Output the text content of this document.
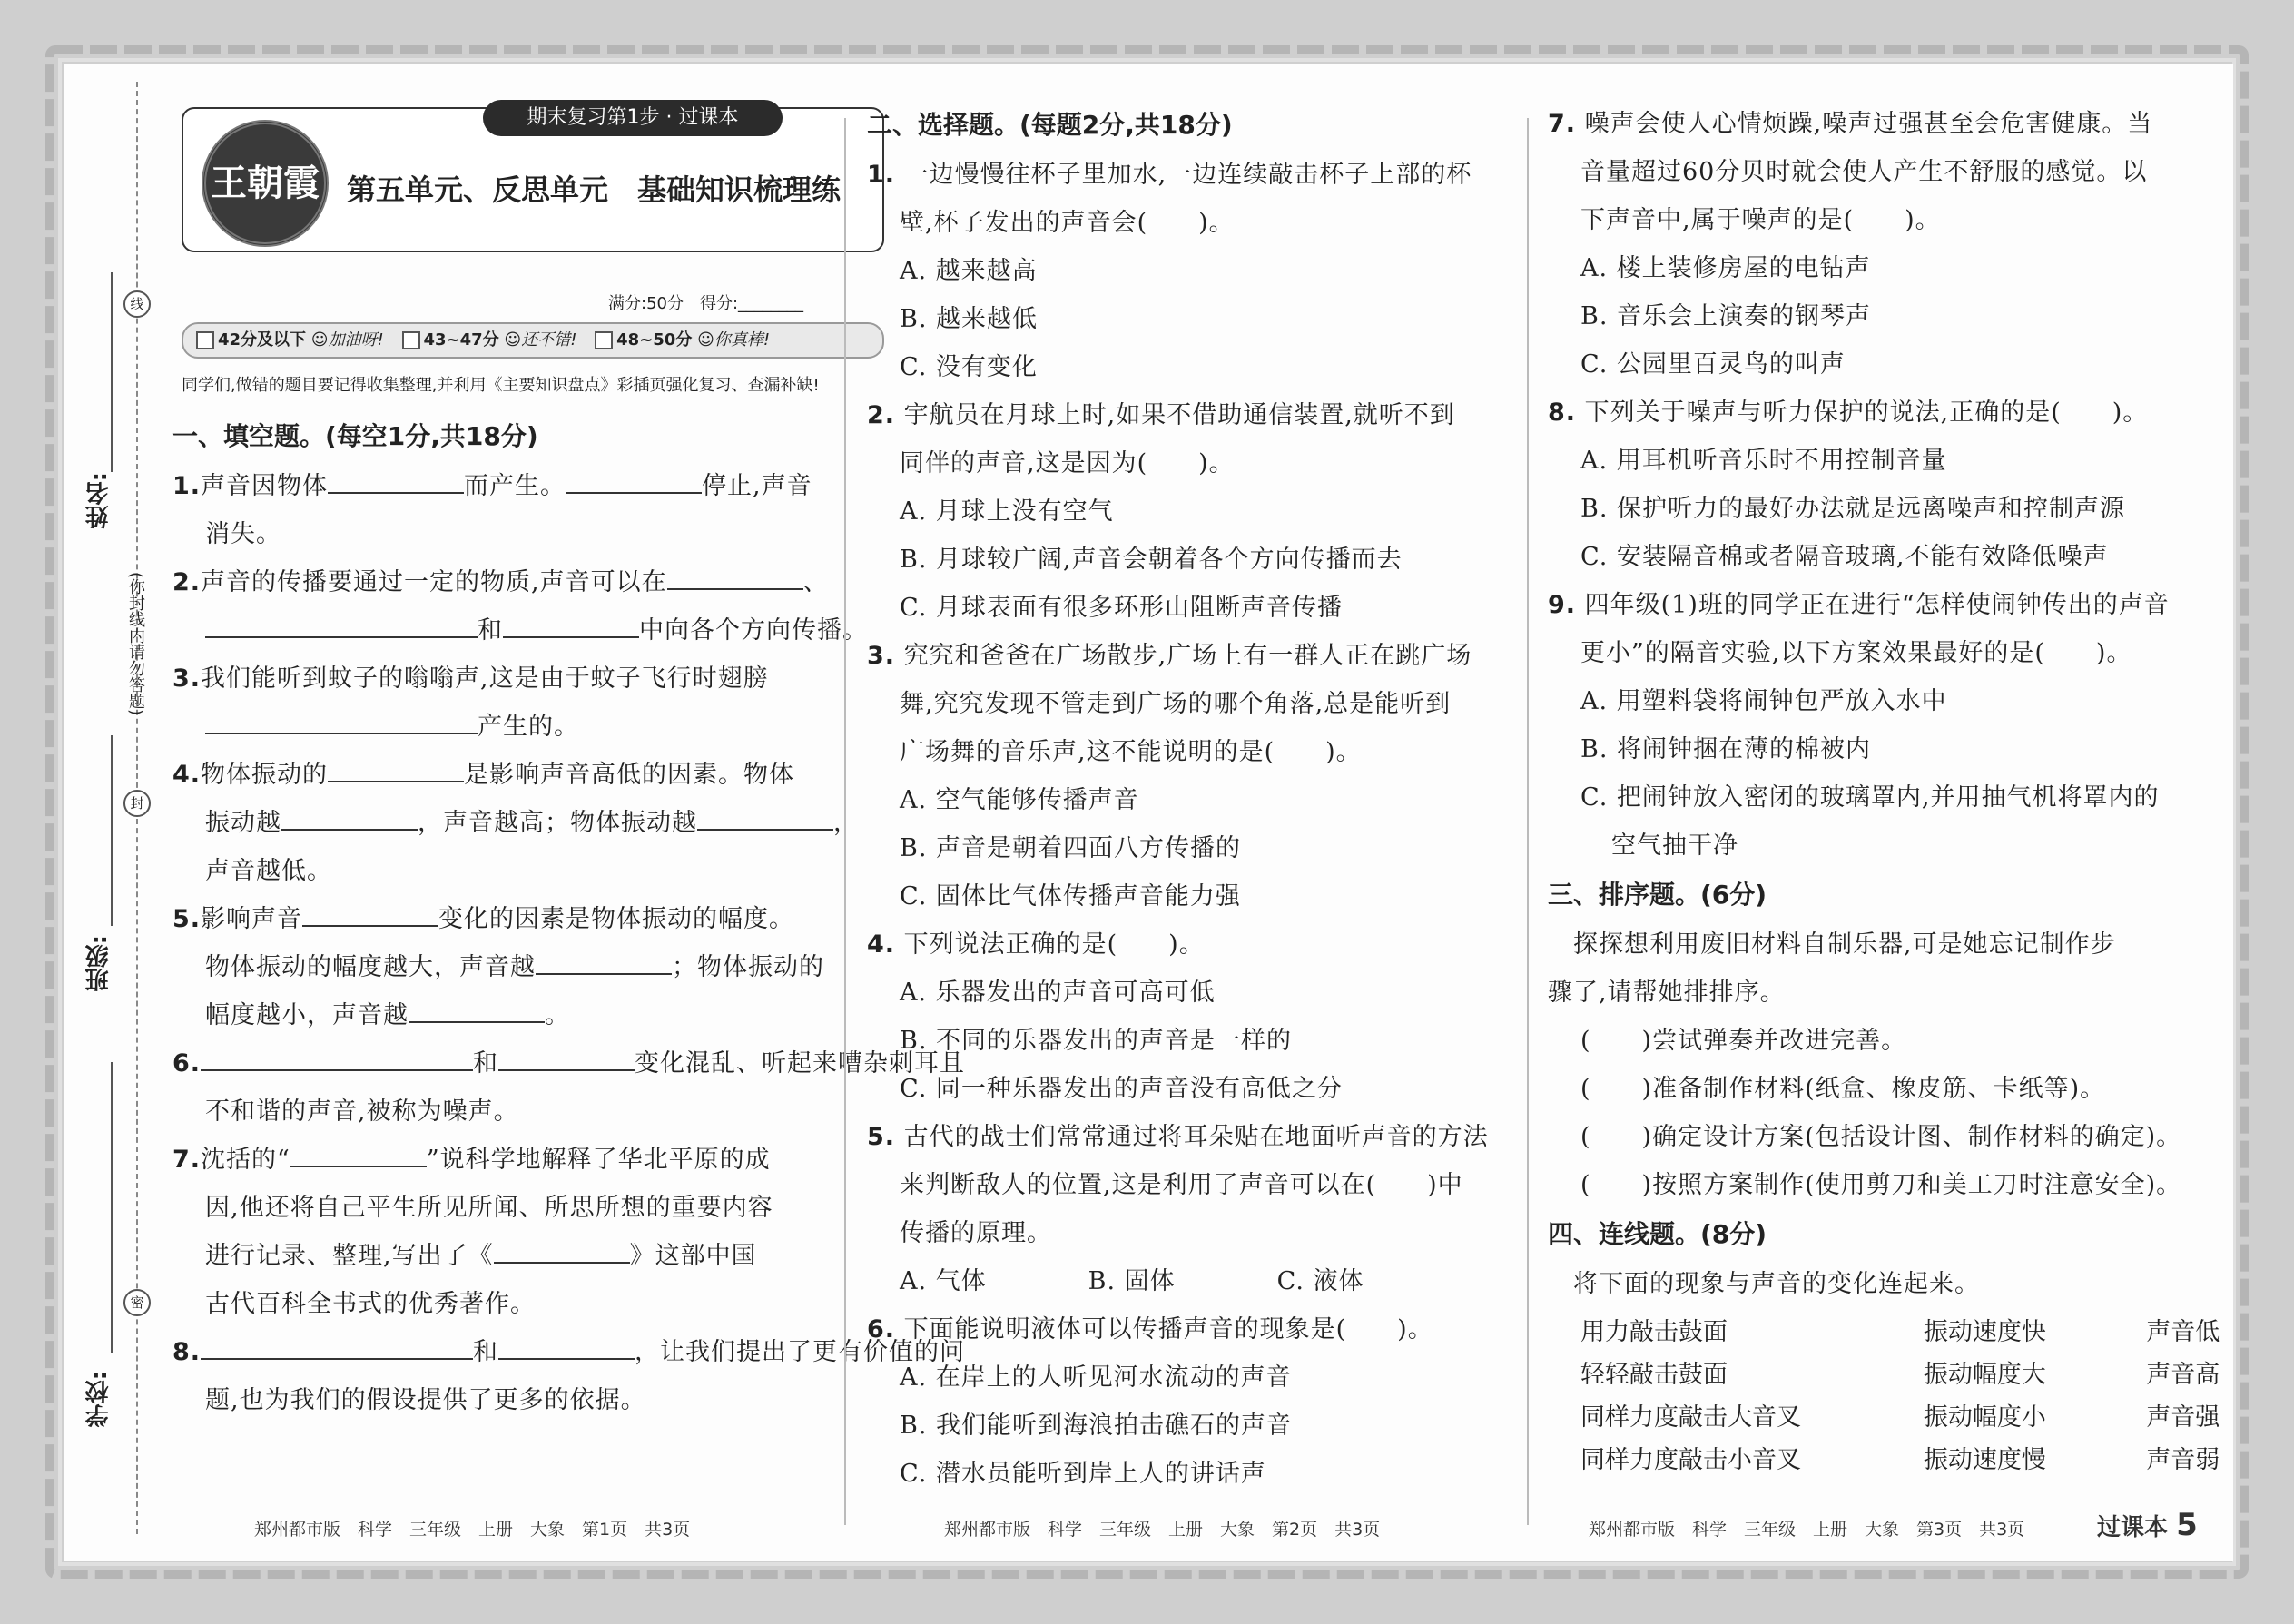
线
封
密
(你封线内请勿答题)
姓名:
班级:
学校:
王朝霞
期末复习第1步 · 过课本
第五单元、反思单元　基础知识梳理练
满分:50分　得分:________
42分及以下 ☺加油呀! 43~47分 ☺还不错! 48~50分 ☺你真棒!
同学们,做错的题目要记得收集整理,并利用《主要知识盘点》彩插页强化复习、查漏补缺!
一、填空题。(每空1分,共18分)
1.声音因物体	而产生。	停止,声音
消失。
2.声音的传播要通过一定的物质,声音可以在	、
和	中向各个方向传播。
3.我们能听到蚊子的嗡嗡声,这是由于蚊子飞行时翅膀
产生的。
4.物体振动的	是影响声音高低的因素。物体
振动越	，声音越高；物体振动越	，
声音越低。
5.影响声音	变化的因素是物体振动的幅度。
物体振动的幅度越大，声音越	；物体振动的
幅度越小，声音越	。
6.	和	变化混乱、听起来嘈杂刺耳且
不和谐的声音,被称为噪声。
7.沈括的“	”说科学地解释了华北平原的成
因,他还将自己平生所见所闻、所思所想的重要内容
进行记录、整理,写出了《	》这部中国
古代百科全书式的优秀著作。
8.	和	，让我们提出了更有价值的问
题,也为我们的假设提供了更多的依据。
二、选择题。(每题2分,共18分)
1. 一边慢慢往杯子里加水,一边连续敲击杯子上部的杯
壁,杯子发出的声音会(　　)。
A. 越来越高
B. 越来越低
C. 没有变化
2. 宇航员在月球上时,如果不借助通信装置,就听不到
同伴的声音,这是因为(　　)。
A. 月球上没有空气
B. 月球较广阔,声音会朝着各个方向传播而去
C. 月球表面有很多环形山阻断声音传播
3. 究究和爸爸在广场散步,广场上有一群人正在跳广场
舞,究究发现不管走到广场的哪个角落,总是能听到
广场舞的音乐声,这不能说明的是(　　)。
A. 空气能够传播声音
B. 声音是朝着四面八方传播的
C. 固体比气体传播声音能力强
4. 下列说法正确的是(　　)。
A. 乐器发出的声音可高可低
B. 不同的乐器发出的声音是一样的
C. 同一种乐器发出的声音没有高低之分
5. 古代的战士们常常通过将耳朵贴在地面听声音的方法
来判断敌人的位置,这是利用了声音可以在(　　)中
传播的原理。
A. 气体　　　　B. 固体　　　　C. 液体
6. 下面能说明液体可以传播声音的现象是(　　)。
A. 在岸上的人听见河水流动的声音
B. 我们能听到海浪拍击礁石的声音
C. 潜水员能听到岸上人的讲话声
7. 噪声会使人心情烦躁,噪声过强甚至会危害健康。当
音量超过60分贝时就会使人产生不舒服的感觉。以
下声音中,属于噪声的是(　　)。
A. 楼上装修房屋的电钻声
B. 音乐会上演奏的钢琴声
C. 公园里百灵鸟的叫声
8. 下列关于噪声与听力保护的说法,正确的是(　　)。
A. 用耳机听音乐时不用控制音量
B. 保护听力的最好办法就是远离噪声和控制声源
C. 安装隔音棉或者隔音玻璃,不能有效降低噪声
9. 四年级(1)班的同学正在进行“怎样使闹钟传出的声音
更小”的隔音实验,以下方案效果最好的是(　　)。
A. 用塑料袋将闹钟包严放入水中
B. 将闹钟捆在薄的棉被内
C. 把闹钟放入密闭的玻璃罩内,并用抽气机将罩内的
空气抽干净
三、排序题。(6分)
　探探想利用废旧材料自制乐器,可是她忘记制作步
骤了,请帮她排排序。
(　　)尝试弹奏并改进完善。
(　　)准备制作材料(纸盒、橡皮筋、卡纸等)。
(　　)确定设计方案(包括设计图、制作材料的确定)。
(　　)按照方案制作(使用剪刀和美工刀时注意安全)。
四、连线题。(8分)
　将下面的现象与声音的变化连起来。
用力敲击鼓面	振动速度快	声音低
轻轻敲击鼓面	振动幅度大	声音高
同样力度敲击大音叉	振动幅度小	声音强
同样力度敲击小音叉	振动速度慢	声音弱
郑州都市版　科学　三年级　上册　大象　第1页　共3页	郑州都市版　科学　三年级　上册　大象　第2页　共3页	郑州都市版　科学　三年级　上册　大象　第3页　共3页	过课本 5
